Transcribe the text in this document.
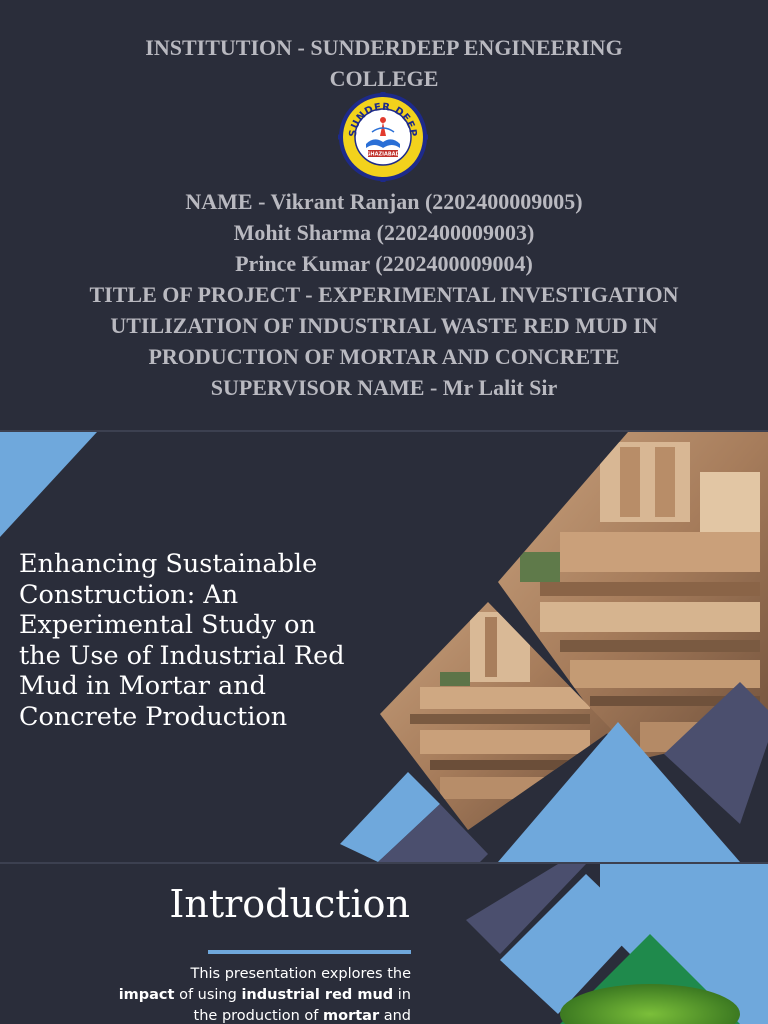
INSTITUTION - SUNDERDEEP ENGINEERING
COLLEGE
SUNDER DEEP
GHAZIABAD
NAME - Vikrant Ranjan (2202400009005)
Mohit Sharma (2202400009003)
Prince Kumar (2202400009004)
TITLE OF PROJECT - EXPERIMENTAL INVESTIGATION
UTILIZATION OF INDUSTRIAL WASTE RED MUD IN
PRODUCTION OF MORTAR AND CONCRETE
SUPERVISOR NAME - Mr Lalit Sir
Enhancing Sustainable
Construction: An
Experimental Study on
the Use of Industrial Red
Mud in Mortar and
Concrete Production
Introduction
This presentation explores the
impact of using industrial red mud in
the production of mortar and
